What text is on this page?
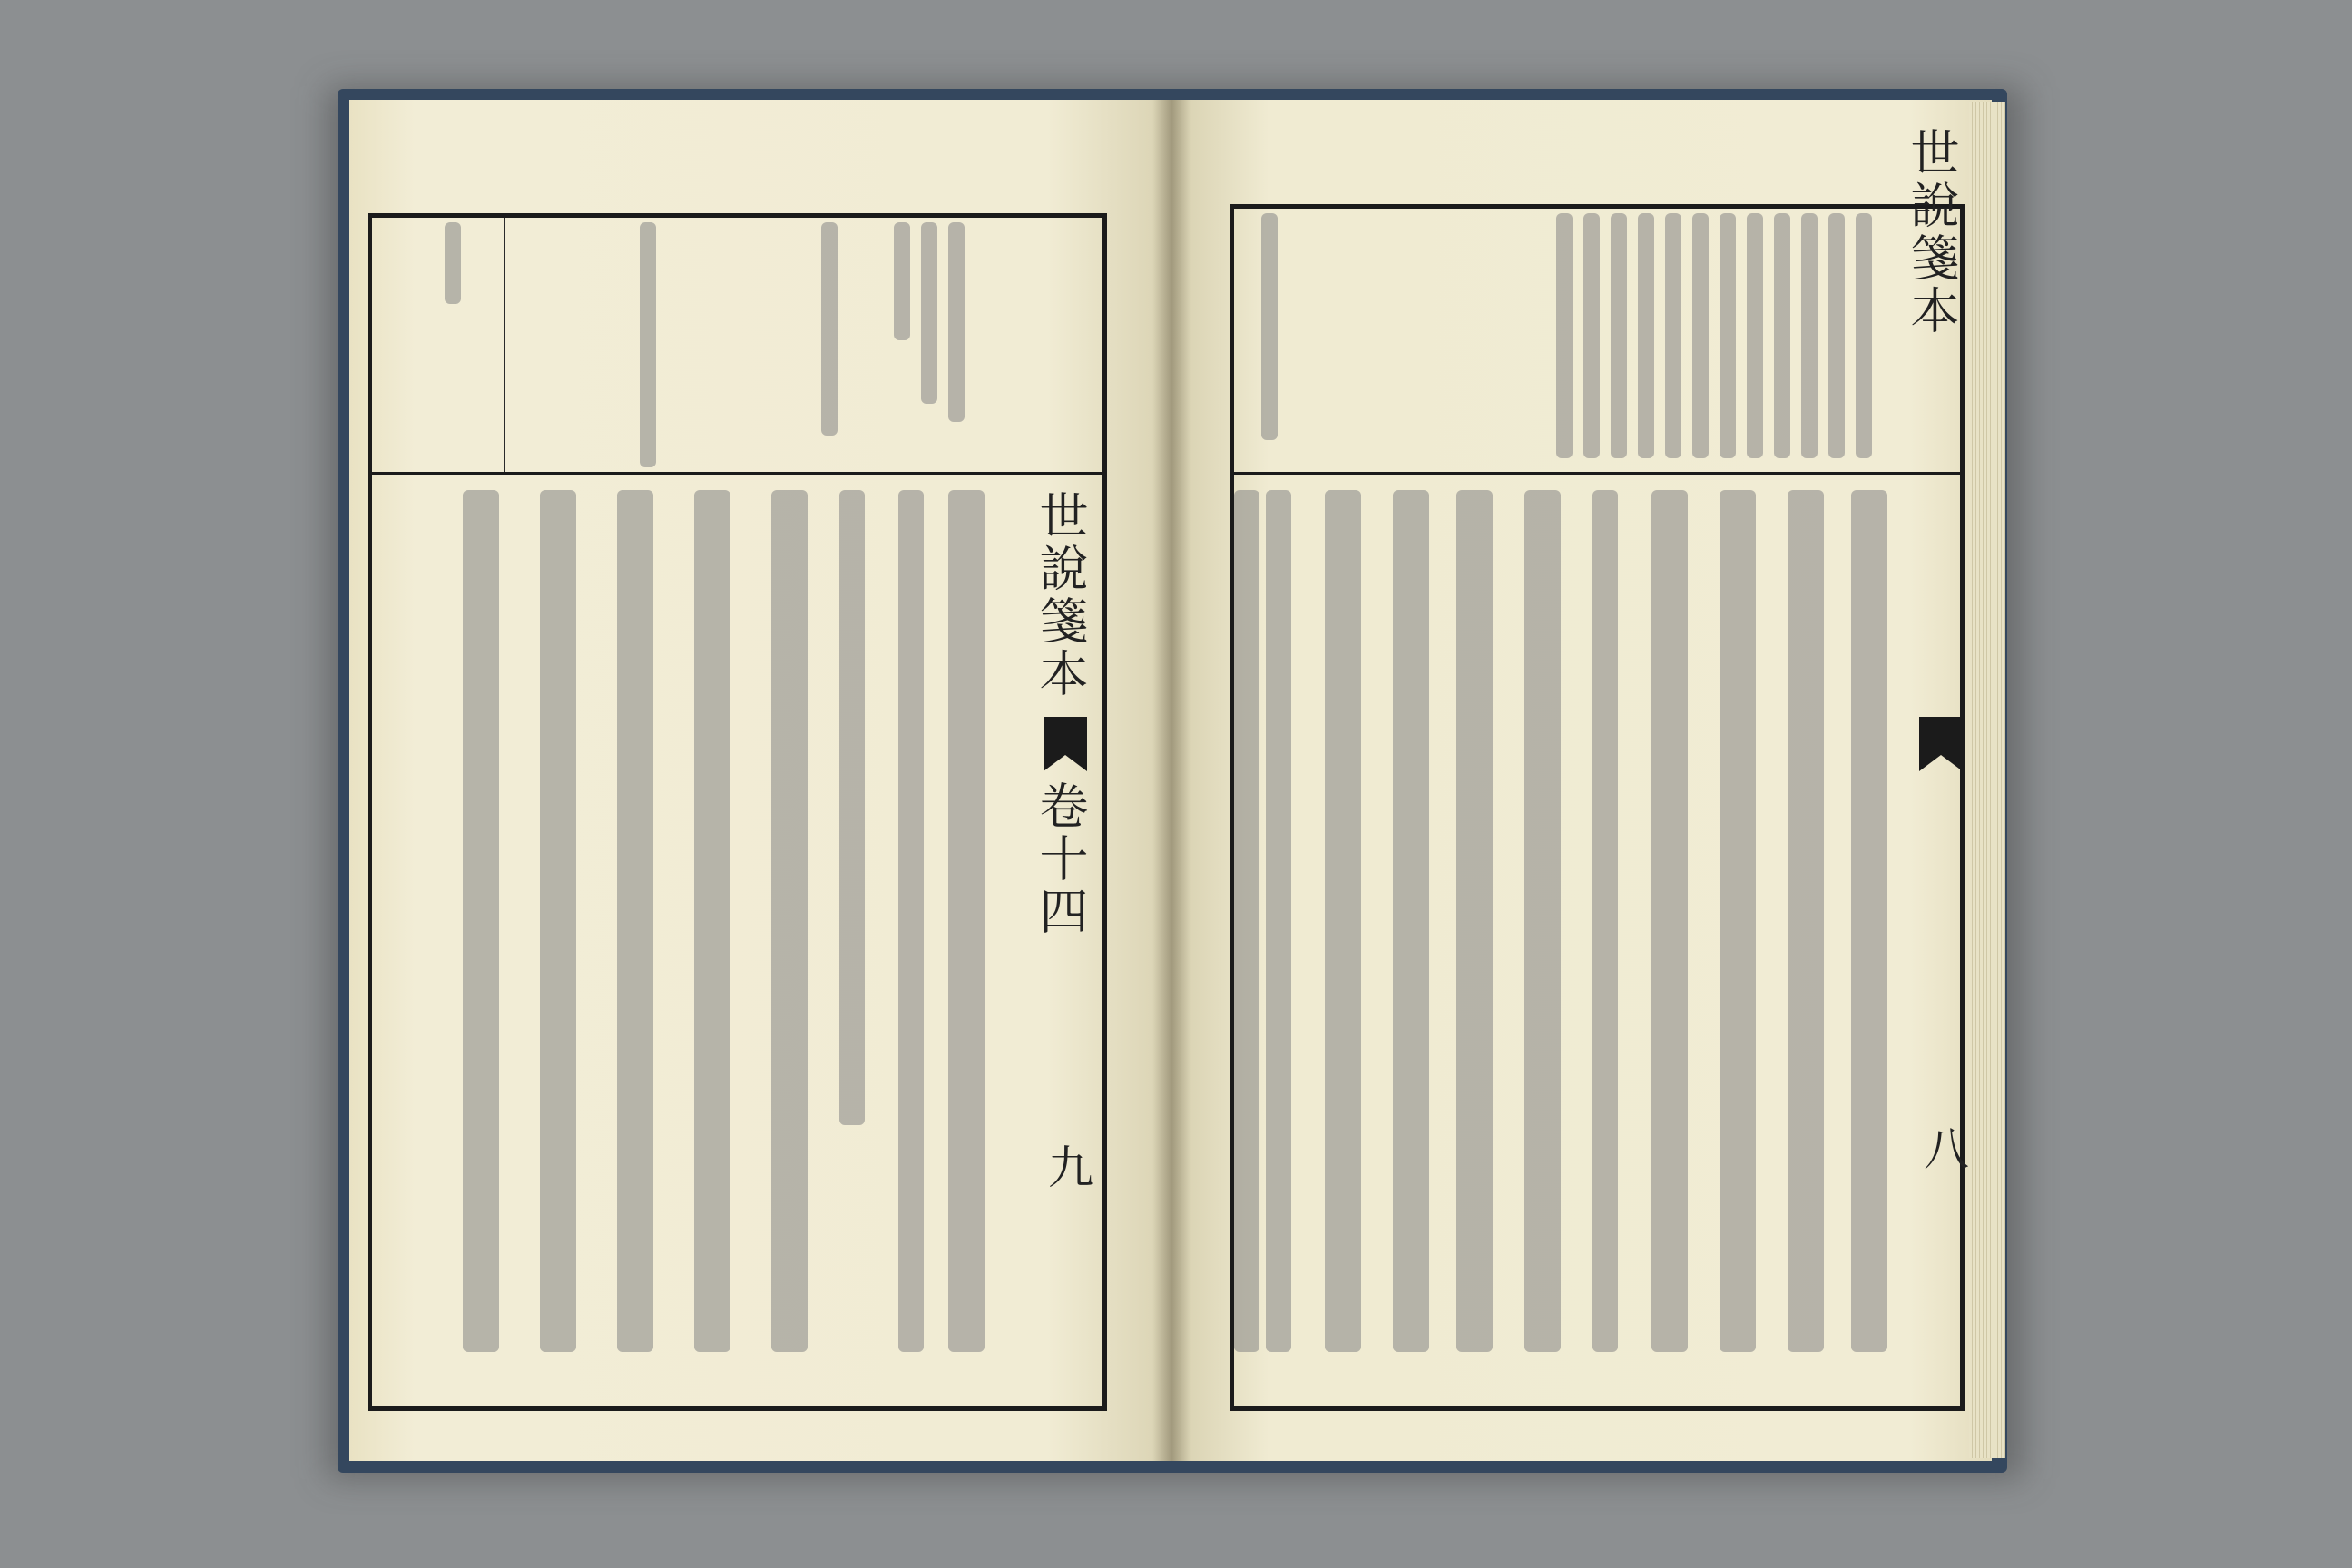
世說箋本
卷十四
九
世說箋本
八
